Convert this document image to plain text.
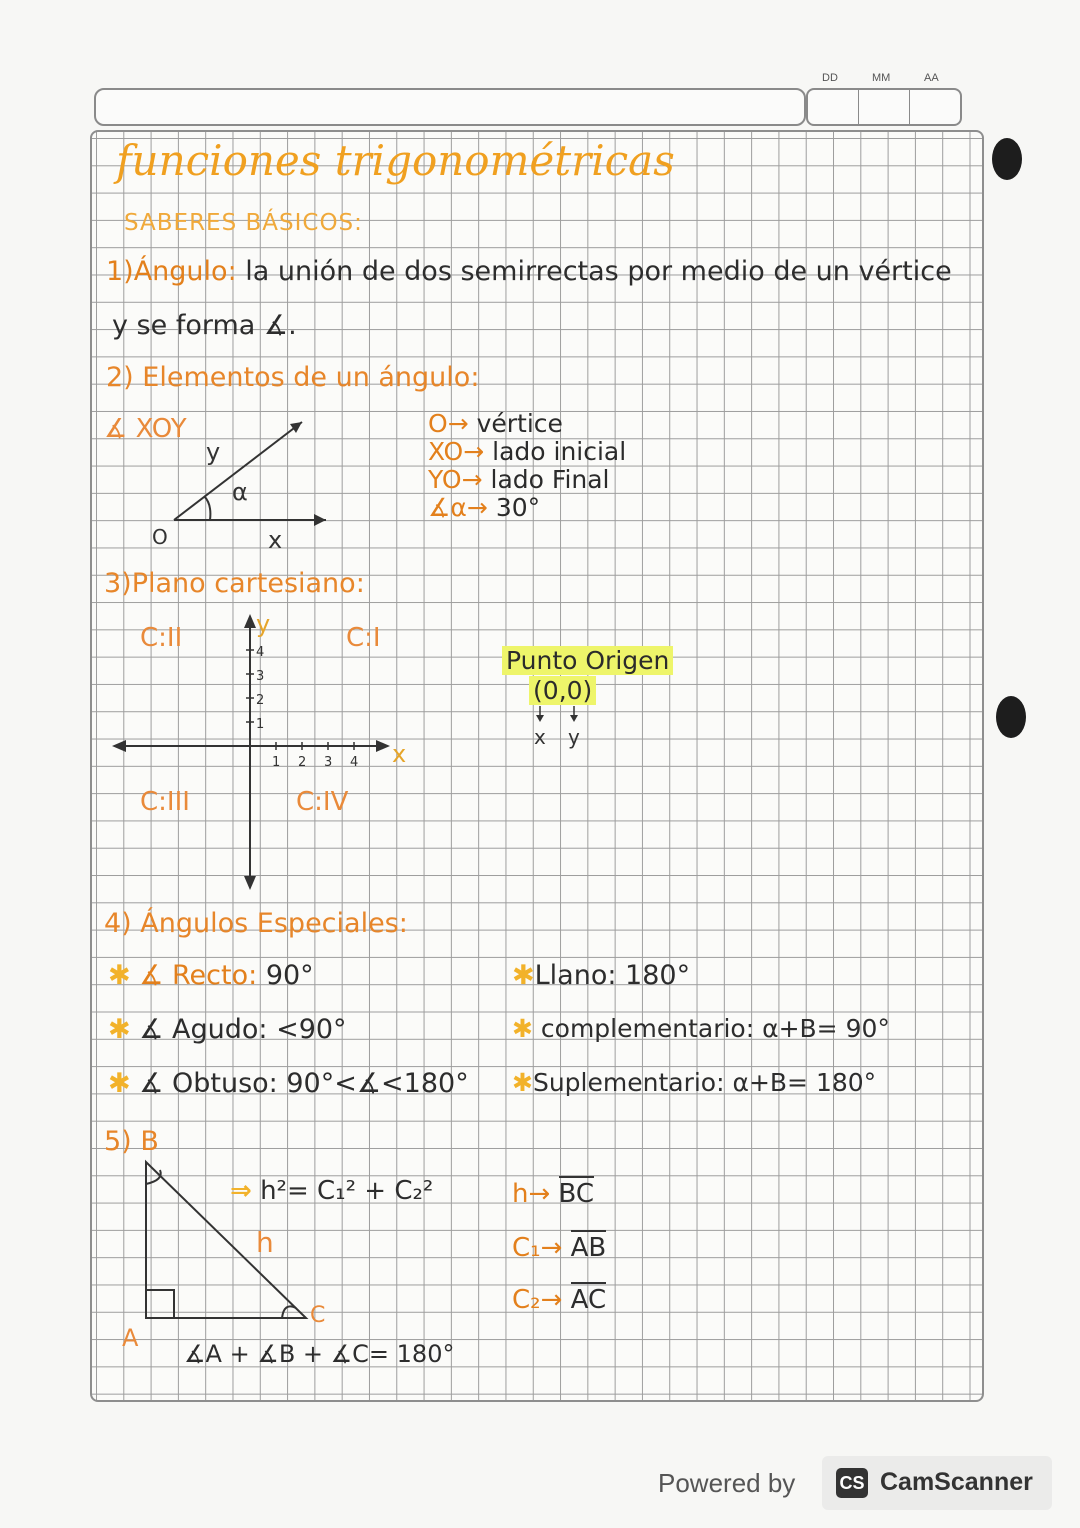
DD	MM	AA
funciones trigonométricas
SABERES BÁSICOS:
1)Ángulo: la unión de dos semirrectas por medio de un vértice
y se forma ∡.
2) Elementos de un ángulo:
∡ XOY
y
α
O	x
O→ vértice
XO→ lado inicial
YO→ lado Final
∡α→ 30°
3)Plano cartesiano:
4
3
2
1
1 2 3 4
y
x
C:II	C:I
C:III	C:IV
Punto Origen
(0,0)
x y
4) Ángulos Especiales:
✱ ∡ Recto: 90°
✱ ∡ Agudo: <90°
✱ ∡ Obtuso: 90°<∡<180°
✱Llano: 180°
✱ complementario: α+B= 90°
✱Suplementario: α+B= 180°
5) B
h
C
A
⇒ h²= C₁² + C₂²
∡A + ∡B + ∡C= 180°
h→ BC
C₁→ AB
C₂→ AC
Powered by CS CamScanner
